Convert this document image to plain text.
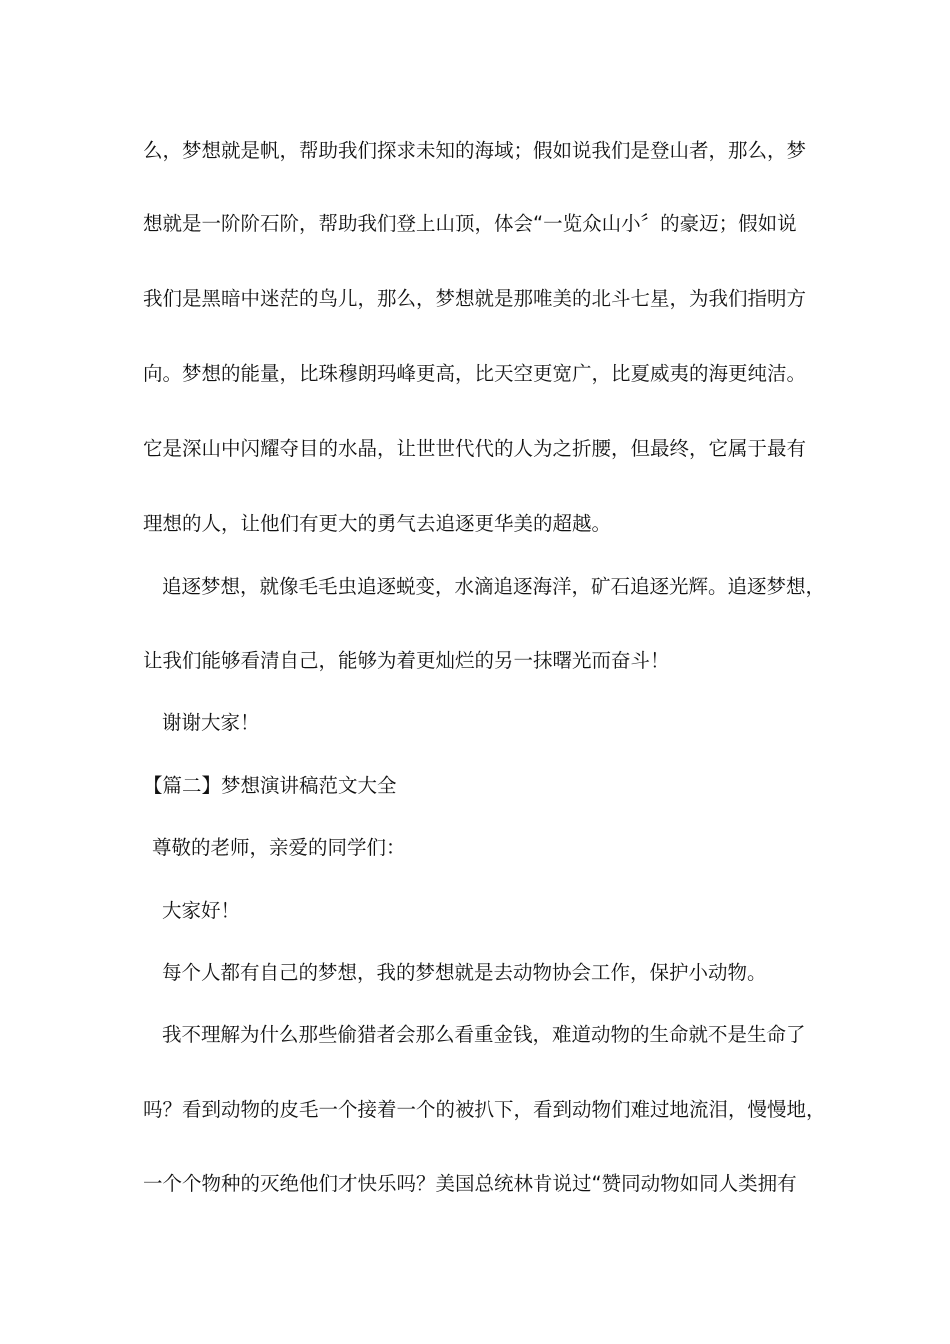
么，梦想就是帆，帮助我们探求未知的海域；假如说我们是登山者，那么，梦
想就是一阶阶石阶，帮助我们登上山顶，体会“一览众山小〞的豪迈；假如说
我们是黑暗中迷茫的鸟儿，那么，梦想就是那唯美的北斗七星，为我们指明方
向。梦想的能量，比珠穆朗玛峰更高，比天空更宽广，比夏威夷的海更纯洁。
它是深山中闪耀夺目的水晶，让世世代代的人为之折腰，但最终，它属于最有
理想的人，让他们有更大的勇气去追逐更华美的超越。
追逐梦想，就像毛毛虫追逐蜕变，水滴追逐海洋，矿石追逐光辉。追逐梦想，
让我们能够看清自己，能够为着更灿烂的另一抹曙光而奋斗！
谢谢大家！
【篇二】梦想演讲稿范文大全
尊敬的老师，亲爱的同学们：
大家好！
每个人都有自己的梦想，我的梦想就是去动物协会工作，保护小动物。
我不理解为什么那些偷猎者会那么看重金钱，难道动物的生命就不是生命了
吗？看到动物的皮毛一个接着一个的被扒下，看到动物们难过地流泪，慢慢地，
一个个物种的灭绝他们才快乐吗？美国总统林肯说过“赞同动物如同人类拥有
